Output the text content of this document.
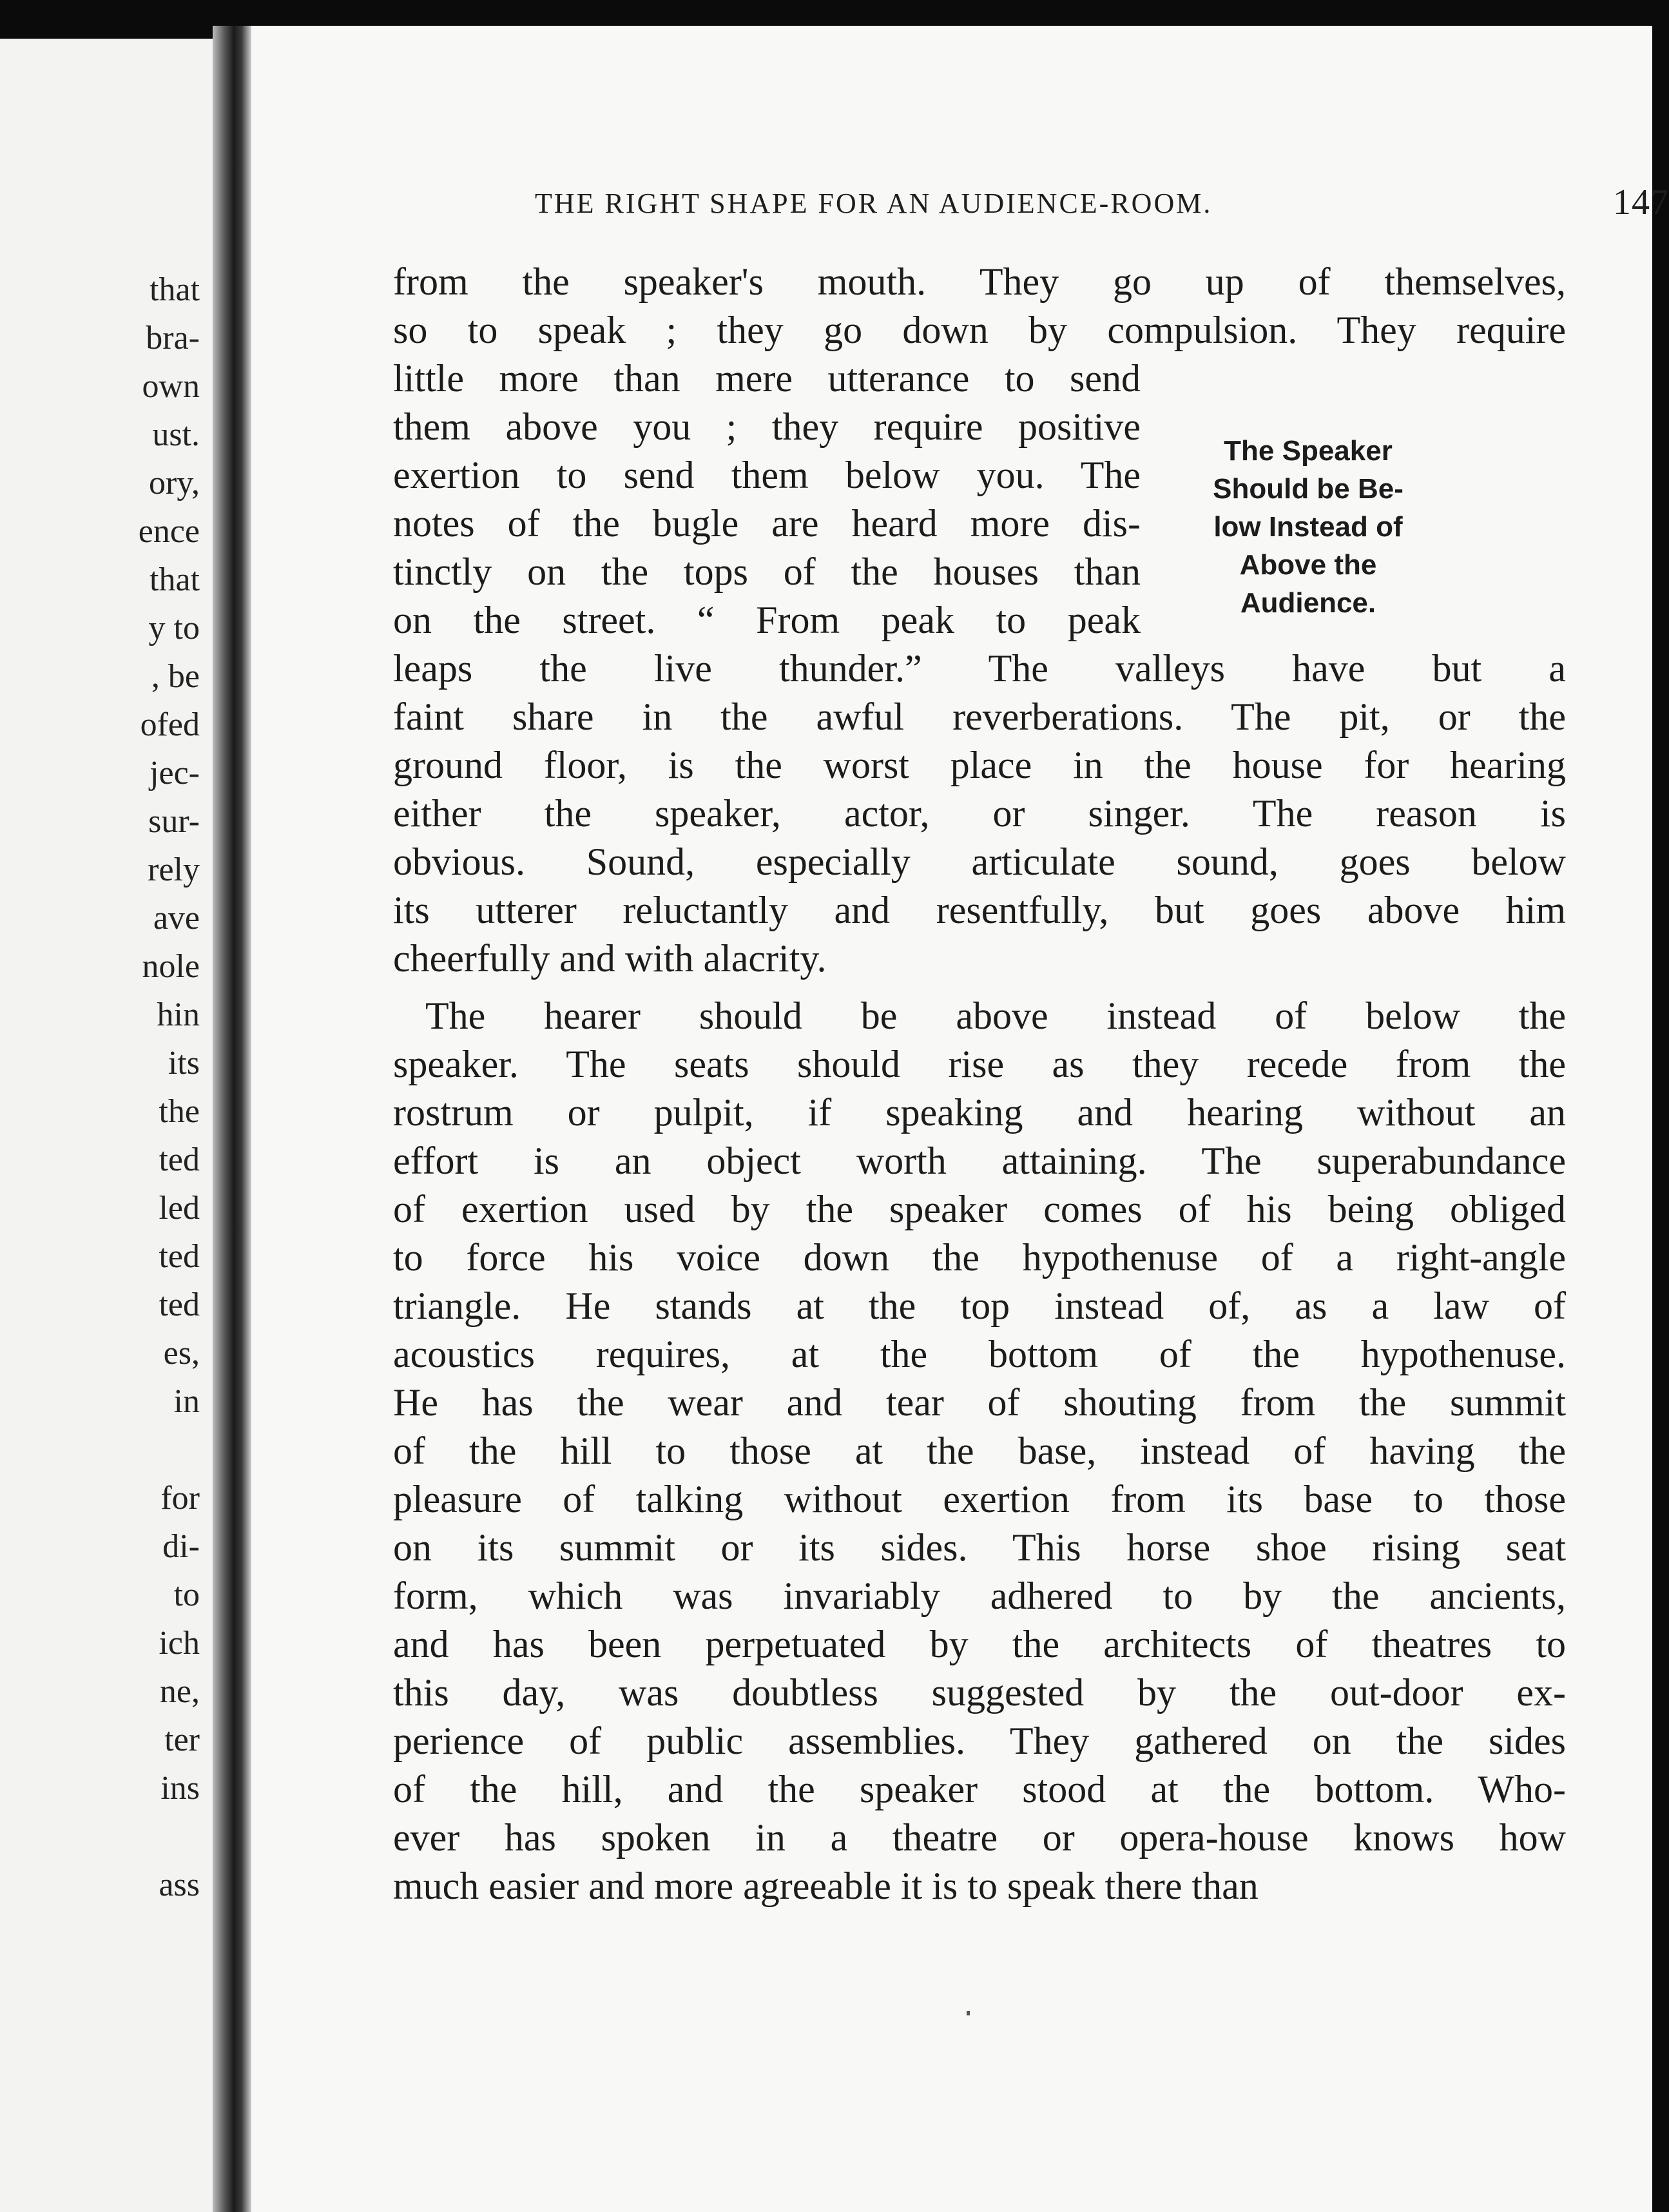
that
bra-
own
ust.
ory,
ence
that
y to
, be
ofed
jec-
sur-
rely
ave
nole
hin
its
the
ted
led
ted
ted
es,
in
for
di-
to
ich
ne,
ter
ins
ass
THE RIGHT SHAPE FOR AN AUDIENCE-ROOM.	147
from the speaker's mouth. They go up of themselves,
so to speak ; they go down by compulsion. They require
little more than mere utterance to send
them above you ; they require positive
exertion to send them below you. The
notes of the bugle are heard more dis-
tinctly on the tops of the houses than
on the street. “ From peak to peak
leaps the live thunder.” The valleys have but a
faint share in the awful reverberations. The pit, or the
ground floor, is the worst place in the house for hearing
either the speaker, actor, or singer. The reason is
obvious. Sound, especially articulate sound, goes below
its utterer reluctantly and resentfully, but goes above him
cheerfully and with alacrity.
The hearer should be above instead of below the
speaker. The seats should rise as they recede from the
rostrum or pulpit, if speaking and hearing without an
effort is an object worth attaining. The superabundance
of exertion used by the speaker comes of his being obliged
to force his voice down the hypothenuse of a right-angle
triangle. He stands at the top instead of, as a law of
acoustics requires, at the bottom of the hypothenuse.
He has the wear and tear of shouting from the summit
of the hill to those at the base, instead of having the
pleasure of talking without exertion from its base to those
on its summit or its sides. This horse shoe rising seat
form, which was invariably adhered to by the ancients,
and has been perpetuated by the architects of theatres to
this day, was doubtless suggested by the out-door ex-
perience of public assemblies. They gathered on the sides
of the hill, and the speaker stood at the bottom. Who-
ever has spoken in a theatre or opera-house knows how
much easier and more agreeable it is to speak there than
The Speaker
Should be Be-
low Instead of
Above the
Audience.
